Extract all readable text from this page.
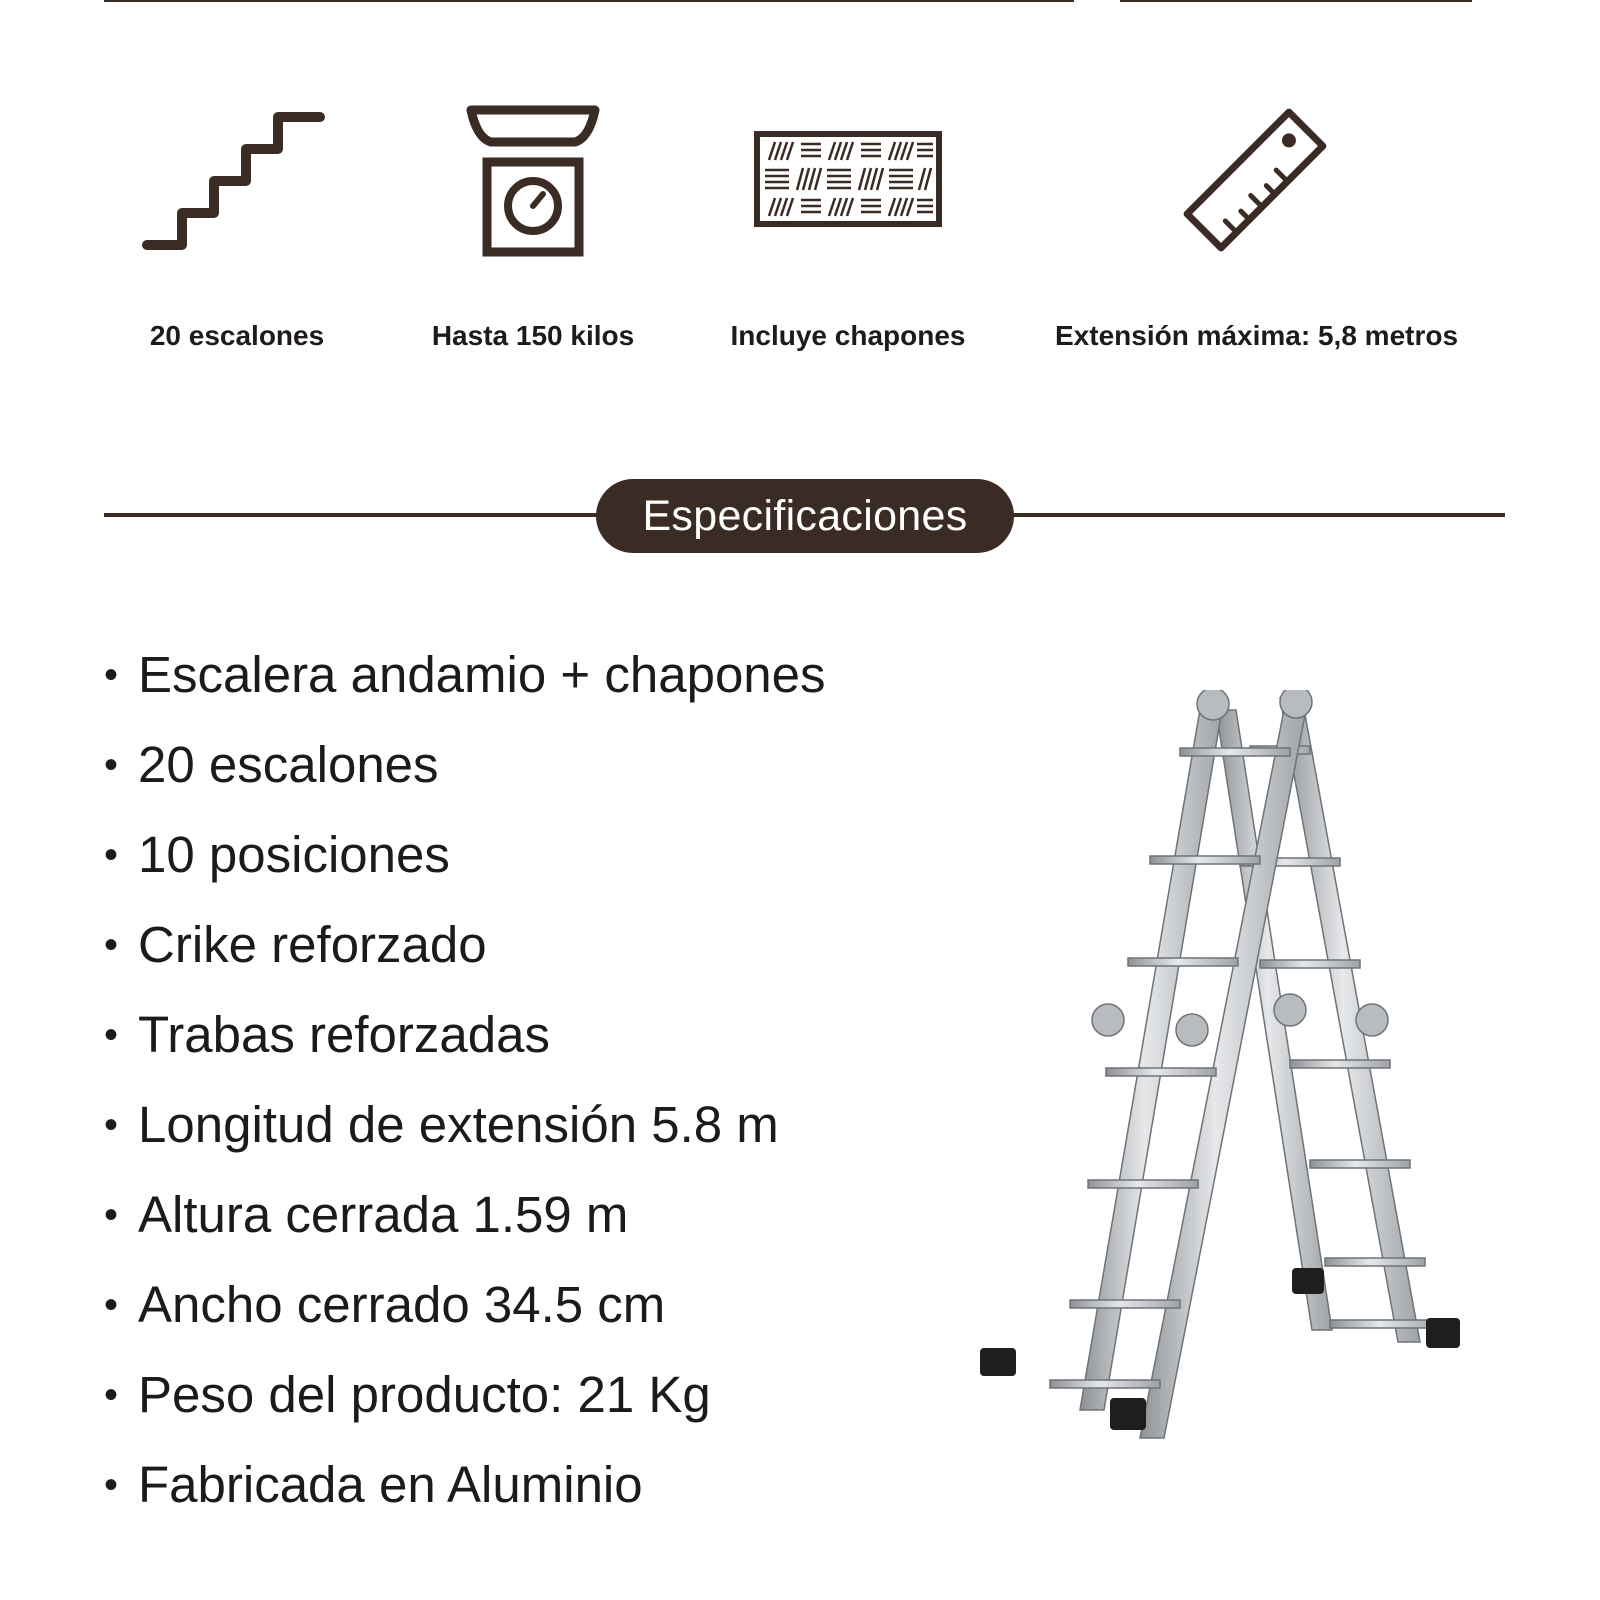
20 escalones	Hasta 150 kilos	Incluye chapones	Extensión máxima: 5,8 metros
Especificaciones
• Escalera andamio + chapones
• 20 escalones
• 10 posiciones
• Crike reforzado
• Trabas reforzadas
• Longitud de extensión 5.8 m
• Altura cerrada 1.59 m
• Ancho cerrado 34.5 cm
• Peso del producto: 21 Kg
• Fabricada en Aluminio
